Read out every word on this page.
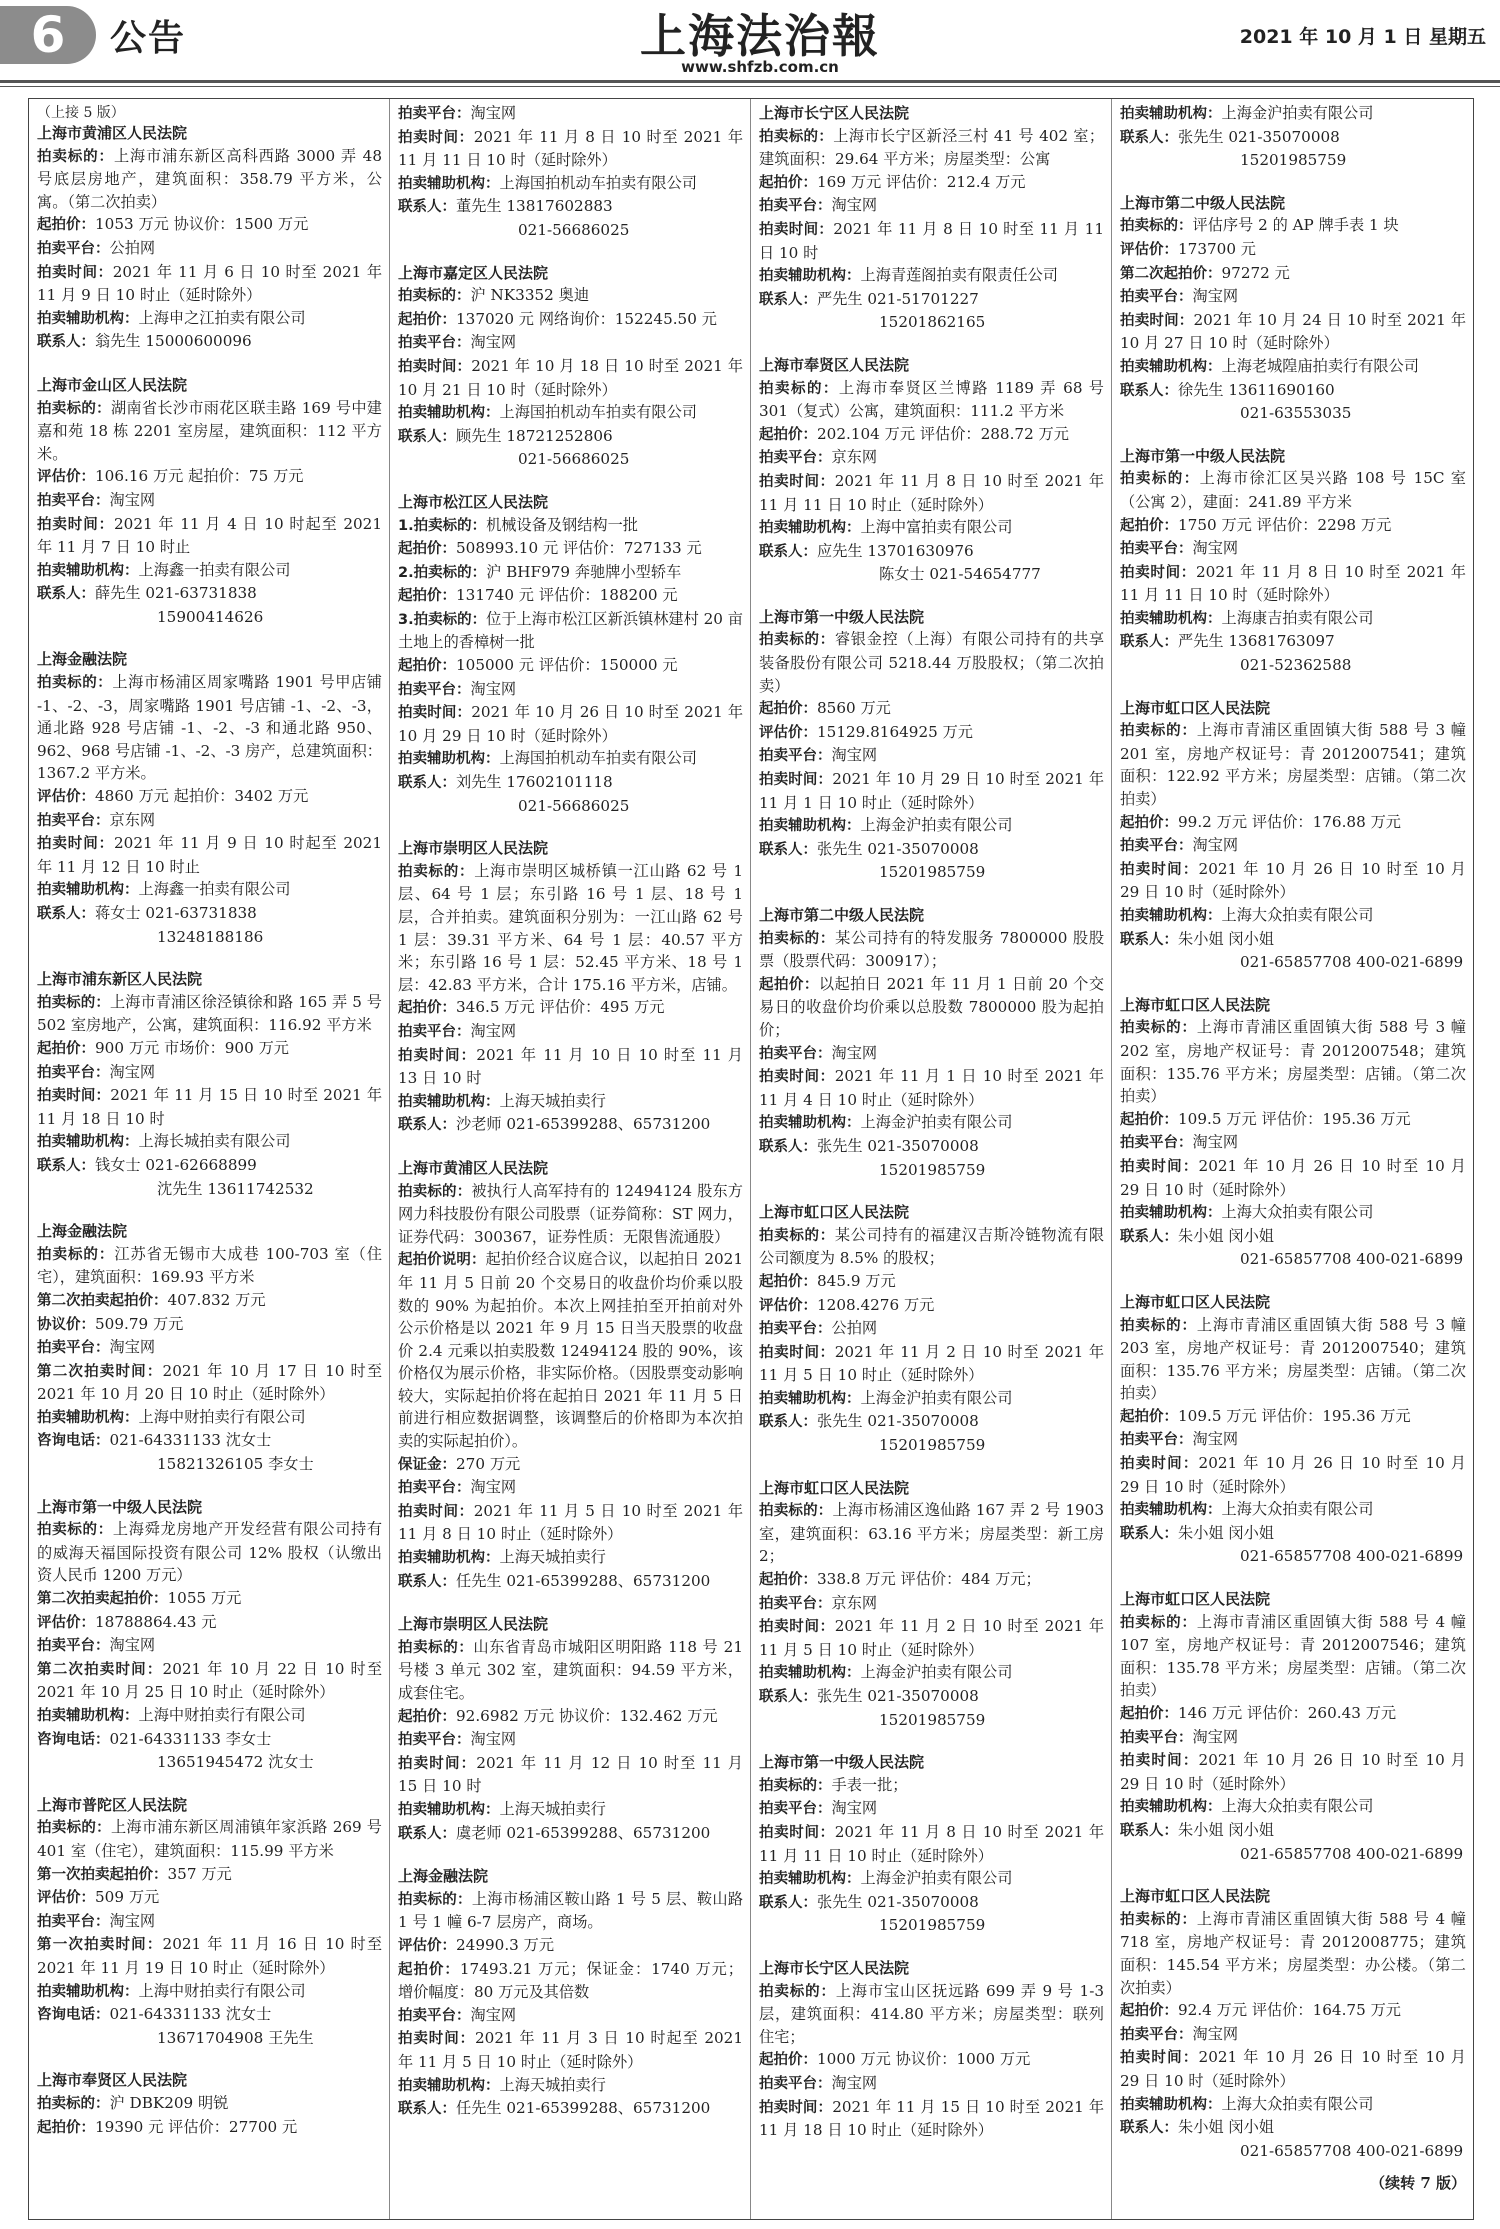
6	公告	上海法治報
www.shfzb.com.cn
2021 年 10 月 1 日 星期五
（上接 5 版）
上海市黄浦区人民法院
拍卖标的：上海市浦东新区高科西路 3000 弄 48 号底层房地产，建筑面积：358.79 平方米，公寓。（第二次拍卖）
起拍价：1053 万元 协议价：1500 万元
拍卖平台：公拍网
拍卖时间：2021 年 11 月 6 日 10 时至 2021 年 11 月 9 日 10 时止（延时除外）
拍卖辅助机构：上海申之江拍卖有限公司
联系人：翁先生 15000600096
上海市金山区人民法院
拍卖标的：湖南省长沙市雨花区联圭路 169 号中建嘉和苑 18 栋 2201 室房屋，建筑面积：112 平方米。
评估价：106.16 万元 起拍价：75 万元
拍卖平台：淘宝网
拍卖时间：2021 年 11 月 4 日 10 时起至 2021 年 11 月 7 日 10 时止
拍卖辅助机构：上海鑫一拍卖有限公司
联系人：薛先生 021-63731838
15900414626
上海金融法院
拍卖标的：上海市杨浦区周家嘴路 1901 号甲店铺 -1、-2、-3，周家嘴路 1901 号店铺 -1、-2、-3，通北路 928 号店铺 -1、-2、-3 和通北路 950、962、968 号店铺 -1、-2、-3 房产，总建筑面积：1367.2 平方米。
评估价：4860 万元 起拍价：3402 万元
拍卖平台：京东网
拍卖时间：2021 年 11 月 9 日 10 时起至 2021 年 11 月 12 日 10 时止
拍卖辅助机构：上海鑫一拍卖有限公司
联系人：蒋女士 021-63731838
13248188186
上海市浦东新区人民法院
拍卖标的：上海市青浦区徐泾镇徐和路 165 弄 5 号 502 室房地产，公寓，建筑面积：116.92 平方米
起拍价：900 万元 市场价：900 万元
拍卖平台：淘宝网
拍卖时间：2021 年 11 月 15 日 10 时至 2021 年 11 月 18 日 10 时
拍卖辅助机构：上海长城拍卖有限公司
联系人：钱女士 021-62668899
沈先生 13611742532
上海金融法院
拍卖标的：江苏省无锡市大成巷 100-703 室（住宅），建筑面积：169.93 平方米
第二次拍卖起拍价：407.832 万元
协议价：509.79 万元
拍卖平台：淘宝网
第二次拍卖时间：2021 年 10 月 17 日 10 时至 2021 年 10 月 20 日 10 时止（延时除外）
拍卖辅助机构：上海中财拍卖行有限公司
咨询电话：021-64331133 沈女士
15821326105 李女士
上海市第一中级人民法院
拍卖标的：上海舜龙房地产开发经营有限公司持有的威海天福国际投资有限公司 12% 股权（认缴出资人民币 1200 万元）
第二次拍卖起拍价：1055 万元
评估价：18788864.43 元
拍卖平台：淘宝网
第二次拍卖时间：2021 年 10 月 22 日 10 时至 2021 年 10 月 25 日 10 时止（延时除外）
拍卖辅助机构：上海中财拍卖行有限公司
咨询电话：021-64331133 李女士
13651945472 沈女士
上海市普陀区人民法院
拍卖标的：上海市浦东新区周浦镇年家浜路 269 号 401 室（住宅），建筑面积：115.99 平方米
第一次拍卖起拍价：357 万元
评估价：509 万元
拍卖平台：淘宝网
第一次拍卖时间：2021 年 11 月 16 日 10 时至 2021 年 11 月 19 日 10 时止（延时除外）
拍卖辅助机构：上海中财拍卖行有限公司
咨询电话：021-64331133 沈女士
13671704908 王先生
上海市奉贤区人民法院
拍卖标的：沪 DBK209 明锐
起拍价：19390 元 评估价：27700 元
拍卖平台：淘宝网
拍卖时间：2021 年 11 月 8 日 10 时至 2021 年 11 月 11 日 10 时（延时除外）
拍卖辅助机构：上海国拍机动车拍卖有限公司
联系人：董先生 13817602883
021-56686025
上海市嘉定区人民法院
拍卖标的：沪 NK3352 奥迪
起拍价：137020 元 网络询价：152245.50 元
拍卖平台：淘宝网
拍卖时间：2021 年 10 月 18 日 10 时至 2021 年 10 月 21 日 10 时（延时除外）
拍卖辅助机构：上海国拍机动车拍卖有限公司
联系人：顾先生 18721252806
021-56686025
上海市松江区人民法院
1.拍卖标的：机械设备及钢结构一批
起拍价：508993.10 元 评估价：727133 元
2.拍卖标的：沪 BHF979 奔驰牌小型轿车
起拍价：131740 元 评估价：188200 元
3.拍卖标的：位于上海市松江区新浜镇林建村 20 亩土地上的香樟树一批
起拍价：105000 元 评估价：150000 元
拍卖平台：淘宝网
拍卖时间：2021 年 10 月 26 日 10 时至 2021 年 10 月 29 日 10 时（延时除外）
拍卖辅助机构：上海国拍机动车拍卖有限公司
联系人：刘先生 17602101118
021-56686025
上海市崇明区人民法院
拍卖标的：上海市崇明区城桥镇一江山路 62 号 1 层、64 号 1 层；东引路 16 号 1 层、18 号 1 层，合并拍卖。建筑面积分别为：一江山路 62 号 1 层：39.31 平方米、64 号 1 层：40.57 平方米；东引路 16 号 1 层：52.45 平方米、18 号 1 层：42.83 平方米，合计 175.16 平方米，店铺。
起拍价：346.5 万元 评估价：495 万元
拍卖平台：淘宝网
拍卖时间：2021 年 11 月 10 日 10 时至 11 月 13 日 10 时
拍卖辅助机构：上海天城拍卖行
联系人：沙老师 021-65399288、65731200
上海市黄浦区人民法院
拍卖标的：被执行人高军持有的 12494124 股东方网力科技股份有限公司股票（证券简称：ST 网力，证券代码：300367，证券性质：无限售流通股）
起拍价说明：起拍价经合议庭合议，以起拍日 2021 年 11 月 5 日前 20 个交易日的收盘价均价乘以股数的 90% 为起拍价。本次上网挂拍至开拍前对外公示价格是以 2021 年 9 月 15 日当天股票的收盘价 2.4 元乘以拍卖股数 12494124 股的 90%，该价格仅为展示价格，非实际价格。（因股票变动影响较大，实际起拍价将在起拍日 2021 年 11 月 5 日前进行相应数据调整，该调整后的价格即为本次拍卖的实际起拍价）。
保证金：270 万元
拍卖平台：淘宝网
拍卖时间：2021 年 11 月 5 日 10 时至 2021 年 11 月 8 日 10 时止（延时除外）
拍卖辅助机构：上海天城拍卖行
联系人：任先生 021-65399288、65731200
上海市崇明区人民法院
拍卖标的：山东省青岛市城阳区明阳路 118 号 21 号楼 3 单元 302 室，建筑面积：94.59 平方米，成套住宅。
起拍价：92.6982 万元 协议价：132.462 万元
拍卖平台：淘宝网
拍卖时间：2021 年 11 月 12 日 10 时至 11 月 15 日 10 时
拍卖辅助机构：上海天城拍卖行
联系人：虞老师 021-65399288、65731200
上海金融法院
拍卖标的：上海市杨浦区鞍山路 1 号 5 层、鞍山路 1 号 1 幢 6-7 层房产，商场。
评估价：24990.3 万元
起拍价：17493.21 万元；保证金：1740 万元；增价幅度：80 万元及其倍数
拍卖平台：淘宝网
拍卖时间：2021 年 11 月 3 日 10 时起至 2021 年 11 月 5 日 10 时止（延时除外）
拍卖辅助机构：上海天城拍卖行
联系人：任先生 021-65399288、65731200
上海市长宁区人民法院
拍卖标的：上海市长宁区新泾三村 41 号 402 室；建筑面积：29.64 平方米；房屋类型：公寓
起拍价：169 万元 评估价：212.4 万元
拍卖平台：淘宝网
拍卖时间：2021 年 11 月 8 日 10 时至 11 月 11 日 10 时
拍卖辅助机构：上海青莲阁拍卖有限责任公司
联系人：严先生 021-51701227
15201862165
上海市奉贤区人民法院
拍卖标的：上海市奉贤区兰博路 1189 弄 68 号 301（复式）公寓，建筑面积：111.2 平方米
起拍价：202.104 万元 评估价：288.72 万元
拍卖平台：京东网
拍卖时间：2021 年 11 月 8 日 10 时至 2021 年 11 月 11 日 10 时止（延时除外）
拍卖辅助机构：上海中富拍卖有限公司
联系人：应先生 13701630976
陈女士 021-54654777
上海市第一中级人民法院
拍卖标的：睿银金控（上海）有限公司持有的共享装备股份有限公司 5218.44 万股股权；（第二次拍卖）
起拍价：8560 万元
评估价：15129.8164925 万元
拍卖平台：淘宝网
拍卖时间：2021 年 10 月 29 日 10 时至 2021 年 11 月 1 日 10 时止（延时除外）
拍卖辅助机构：上海金沪拍卖有限公司
联系人：张先生 021-35070008
15201985759
上海市第二中级人民法院
拍卖标的：某公司持有的特发服务 7800000 股股票（股票代码：300917）；
起拍价：以起拍日 2021 年 11 月 1 日前 20 个交易日的收盘价均价乘以总股数 7800000 股为起拍价；
拍卖平台：淘宝网
拍卖时间：2021 年 11 月 1 日 10 时至 2021 年 11 月 4 日 10 时止（延时除外）
拍卖辅助机构：上海金沪拍卖有限公司
联系人：张先生 021-35070008
15201985759
上海市虹口区人民法院
拍卖标的：某公司持有的福建汉吉斯冷链物流有限公司额度为 8.5% 的股权；
起拍价：845.9 万元
评估价：1208.4276 万元
拍卖平台：公拍网
拍卖时间：2021 年 11 月 2 日 10 时至 2021 年 11 月 5 日 10 时止（延时除外）
拍卖辅助机构：上海金沪拍卖有限公司
联系人：张先生 021-35070008
15201985759
上海市虹口区人民法院
拍卖标的：上海市杨浦区逸仙路 167 弄 2 号 1903 室，建筑面积：63.16 平方米；房屋类型：新工房 2；
起拍价：338.8 万元 评估价：484 万元；
拍卖平台：京东网
拍卖时间：2021 年 11 月 2 日 10 时至 2021 年 11 月 5 日 10 时止（延时除外）
拍卖辅助机构：上海金沪拍卖有限公司
联系人：张先生 021-35070008
15201985759
上海市第一中级人民法院
拍卖标的：手表一批；
拍卖平台：淘宝网
拍卖时间：2021 年 11 月 8 日 10 时至 2021 年 11 月 11 日 10 时止（延时除外）
拍卖辅助机构：上海金沪拍卖有限公司
联系人：张先生 021-35070008
15201985759
上海市长宁区人民法院
拍卖标的：上海市宝山区抚远路 699 弄 9 号 1-3 层，建筑面积：414.80 平方米；房屋类型：联列住宅；
起拍价：1000 万元 协议价：1000 万元
拍卖平台：淘宝网
拍卖时间：2021 年 11 月 15 日 10 时至 2021 年 11 月 18 日 10 时止（延时除外）
拍卖辅助机构：上海金沪拍卖有限公司
联系人：张先生 021-35070008
15201985759
上海市第二中级人民法院
拍卖标的：评估序号 2 的 AP 牌手表 1 块
评估价：173700 元
第二次起拍价：97272 元
拍卖平台：淘宝网
拍卖时间：2021 年 10 月 24 日 10 时至 2021 年 10 月 27 日 10 时（延时除外）
拍卖辅助机构：上海老城隍庙拍卖行有限公司
联系人：徐先生 13611690160
021-63553035
上海市第一中级人民法院
拍卖标的：上海市徐汇区吴兴路 108 号 15C 室（公寓 2），建面：241.89 平方米
起拍价：1750 万元 评估价：2298 万元
拍卖平台：淘宝网
拍卖时间：2021 年 11 月 8 日 10 时至 2021 年 11 月 11 日 10 时（延时除外）
拍卖辅助机构：上海康吉拍卖有限公司
联系人：严先生 13681763097
021-52362588
上海市虹口区人民法院
拍卖标的：上海市青浦区重固镇大街 588 号 3 幢 201 室，房地产权证号：青 2012007541；建筑面积：122.92 平方米；房屋类型：店铺。（第二次拍卖）
起拍价：99.2 万元 评估价：176.88 万元
拍卖平台：淘宝网
拍卖时间：2021 年 10 月 26 日 10 时至 10 月 29 日 10 时（延时除外）
拍卖辅助机构：上海大众拍卖有限公司
联系人：朱小姐 闵小姐
021-65857708 400-021-6899
上海市虹口区人民法院
拍卖标的：上海市青浦区重固镇大街 588 号 3 幢 202 室，房地产权证号：青 2012007548；建筑面积：135.76 平方米；房屋类型：店铺。（第二次拍卖）
起拍价：109.5 万元 评估价：195.36 万元
拍卖平台：淘宝网
拍卖时间：2021 年 10 月 26 日 10 时至 10 月 29 日 10 时（延时除外）
拍卖辅助机构：上海大众拍卖有限公司
联系人：朱小姐 闵小姐
021-65857708 400-021-6899
上海市虹口区人民法院
拍卖标的：上海市青浦区重固镇大街 588 号 3 幢 203 室，房地产权证号：青 2012007540；建筑面积：135.76 平方米；房屋类型：店铺。（第二次拍卖）
起拍价：109.5 万元 评估价：195.36 万元
拍卖平台：淘宝网
拍卖时间：2021 年 10 月 26 日 10 时至 10 月 29 日 10 时（延时除外）
拍卖辅助机构：上海大众拍卖有限公司
联系人：朱小姐 闵小姐
021-65857708 400-021-6899
上海市虹口区人民法院
拍卖标的：上海市青浦区重固镇大街 588 号 4 幢 107 室，房地产权证号：青 2012007546；建筑面积：135.78 平方米；房屋类型：店铺。（第二次拍卖）
起拍价：146 万元 评估价：260.43 万元
拍卖平台：淘宝网
拍卖时间：2021 年 10 月 26 日 10 时至 10 月 29 日 10 时（延时除外）
拍卖辅助机构：上海大众拍卖有限公司
联系人：朱小姐 闵小姐
021-65857708 400-021-6899
上海市虹口区人民法院
拍卖标的：上海市青浦区重固镇大街 588 号 4 幢 718 室，房地产权证号：青 2012008775；建筑面积：145.54 平方米；房屋类型：办公楼。（第二次拍卖）
起拍价：92.4 万元 评估价：164.75 万元
拍卖平台：淘宝网
拍卖时间：2021 年 10 月 26 日 10 时至 10 月 29 日 10 时（延时除外）
拍卖辅助机构：上海大众拍卖有限公司
联系人：朱小姐 闵小姐
021-65857708 400-021-6899
（续转 7 版）
